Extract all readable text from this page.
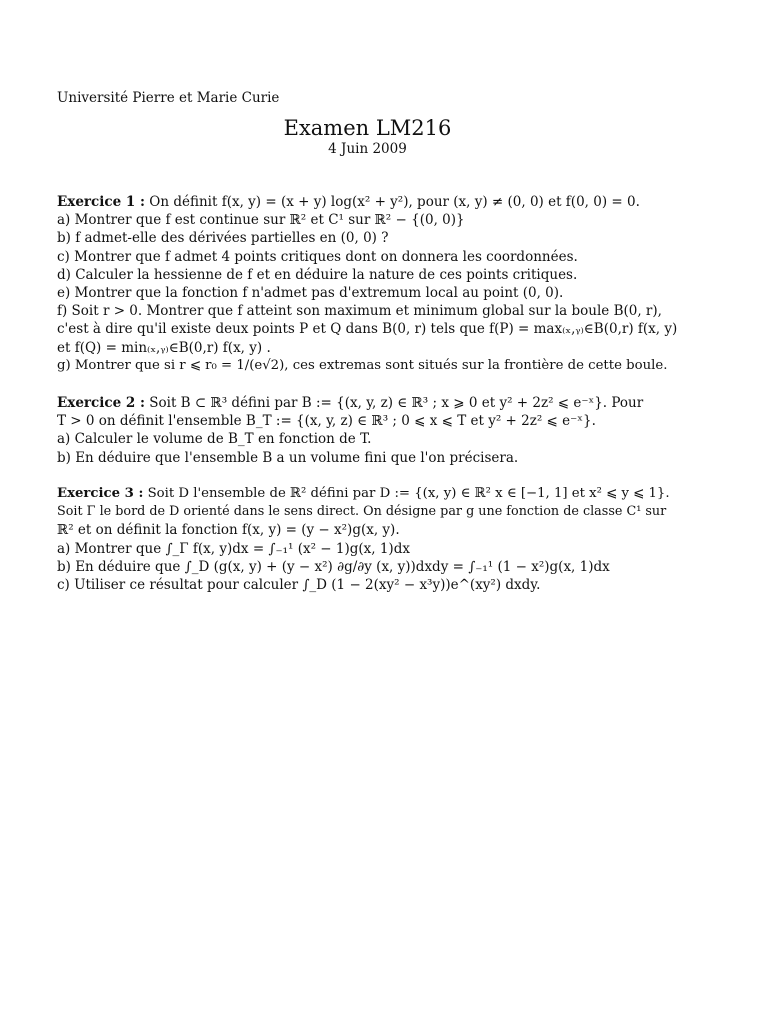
Université Pierre et Marie Curie
Examen LM216
4 Juin 2009
Exercice 1 : On définit f(x, y) = (x + y) log(x² + y²), pour (x, y) ≠ (0, 0) et f(0, 0) = 0.
a) Montrer que f est continue sur ℝ² et C¹ sur ℝ² − {(0, 0)}
b) f admet-elle des dérivées partielles en (0, 0) ?
c) Montrer que f admet 4 points critiques dont on donnera les coordonnées.
d) Calculer la hessienne de f et en déduire la nature de ces points critiques.
e) Montrer que la fonction f n'admet pas d'extremum local au point (0, 0).
f) Soit r > 0. Montrer que f atteint son maximum et minimum global sur la boule B(0, r),
c'est à dire qu'il existe deux points P et Q dans B(0, r) tels que f(P) = max₍ₓ,ᵧ₎∈B(0,r) f(x, y)
et f(Q) = min₍ₓ,ᵧ₎∈B(0,r) f(x, y) .
g) Montrer que si r ⩽ r₀ = 1/(e√2), ces extremas sont situés sur la frontière de cette boule.
Exercice 2 : Soit B ⊂ ℝ³ défini par B := {(x, y, z) ∈ ℝ³ ; x ⩾ 0 et y² + 2z² ⩽ e⁻ˣ}. Pour
T > 0 on définit l'ensemble B_T := {(x, y, z) ∈ ℝ³ ; 0 ⩽ x ⩽ T et y² + 2z² ⩽ e⁻ˣ}.
a) Calculer le volume de B_T en fonction de T.
b) En déduire que l'ensemble B a un volume fini que l'on précisera.
Exercice 3 : Soit D l'ensemble de ℝ² défini par D := {(x, y) ∈ ℝ² x ∈ [−1, 1] et x² ⩽ y ⩽ 1}.
Soit Γ le bord de D orienté dans le sens direct. On désigne par g une fonction de classe C¹ sur
ℝ² et on définit la fonction f(x, y) = (y − x²)g(x, y).
a) Montrer que ∫_Γ f(x, y)dx = ∫₋₁¹ (x² − 1)g(x, 1)dx
b) En déduire que ∫_D (g(x, y) + (y − x²) ∂g/∂y (x, y))dxdy = ∫₋₁¹ (1 − x²)g(x, 1)dx
c) Utiliser ce résultat pour calculer ∫_D (1 − 2(xy² − x³y))e^(xy²) dxdy.
